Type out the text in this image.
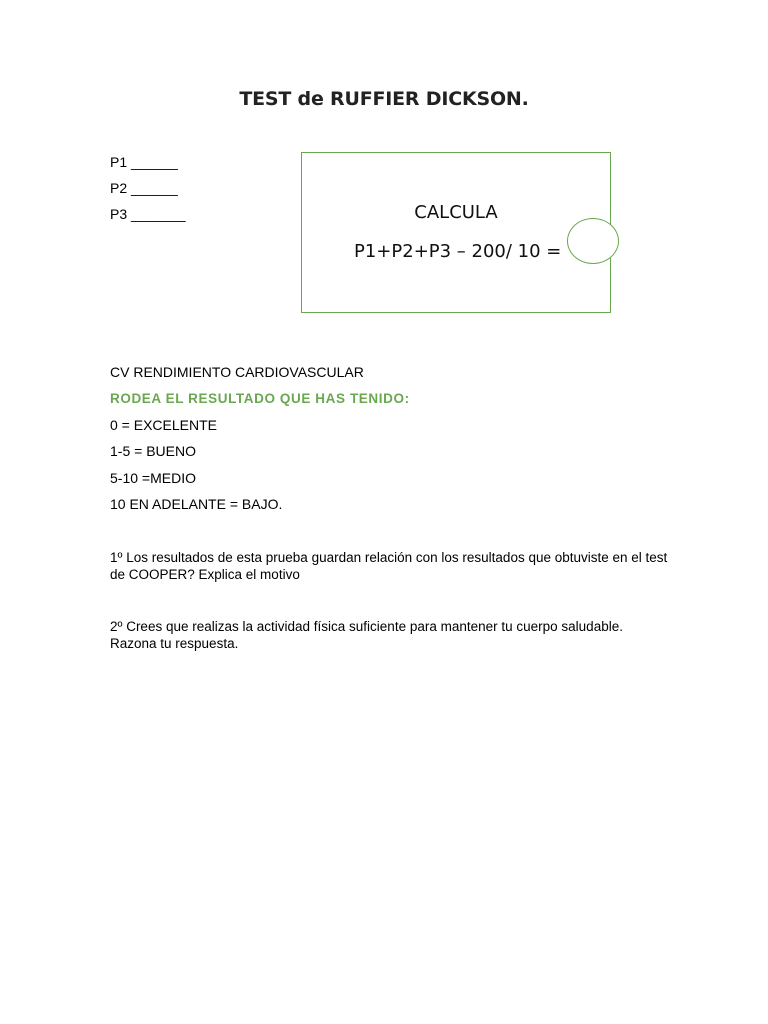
TEST de RUFFIER DICKSON.
P1 ______
P2 ______
P3 _______	CALCULA
P1+P2+P3 – 200/ 10 =
CV RENDIMIENTO CARDIOVASCULAR
RODEA EL RESULTADO QUE HAS TENIDO:
0 = EXCELENTE
1-5 = BUENO
5-10 =MEDIO
10 EN ADELANTE = BAJO.
1º Los resultados de esta prueba guardan relación con los resultados que obtuviste en el test de COOPER? Explica el motivo
2º Crees que realizas la actividad física suficiente para mantener tu cuerpo saludable. Razona tu respuesta.
